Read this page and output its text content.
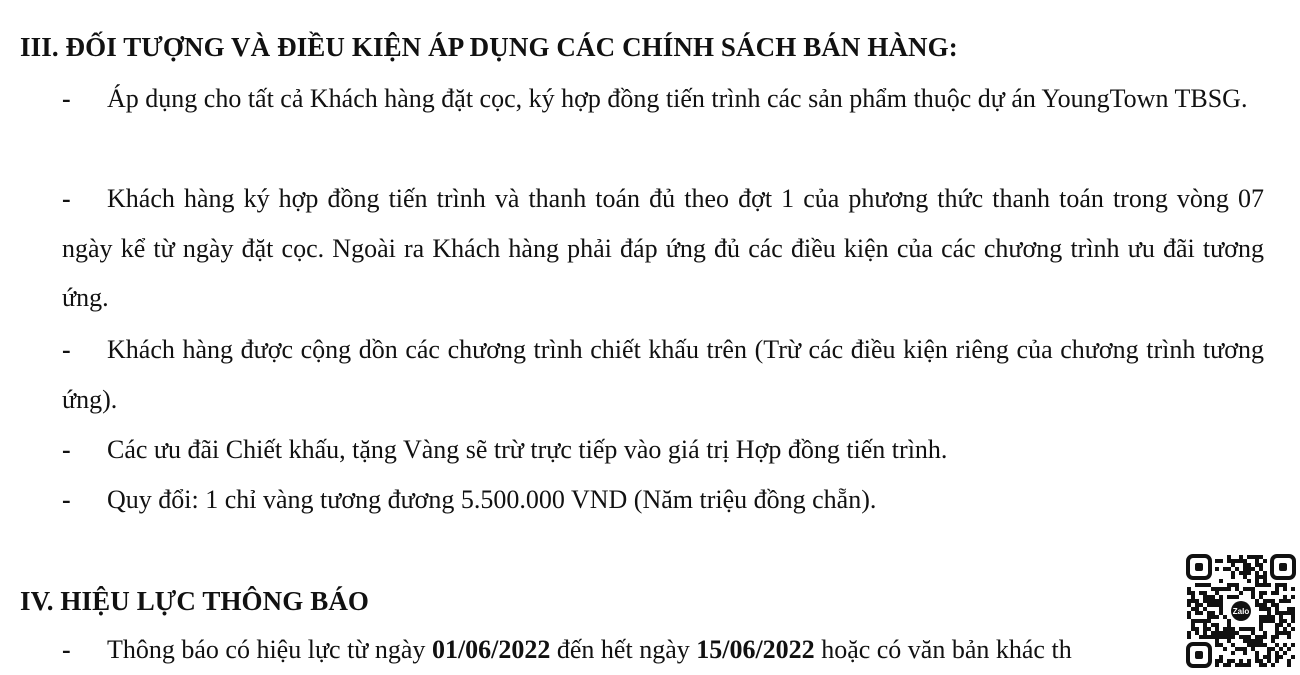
III. ĐỐI TƯỢNG VÀ ĐIỀU KIỆN ÁP DỤNG CÁC CHÍNH SÁCH BÁN HÀNG:
-	Áp dụng cho tất cả Khách hàng đặt cọc, ký hợp đồng tiến trình các sản phẩm thuộc dự án YoungTown TBSG.
-	Khách hàng ký hợp đồng tiến trình và thanh toán đủ theo đợt 1 của phương thức thanh toán trong vòng 07 ngày kể từ ngày đặt cọc. Ngoài ra Khách hàng phải đáp ứng đủ các điều kiện của các chương trình ưu đãi tương ứng.
-	Khách hàng được cộng dồn các chương trình chiết khấu trên (Trừ các điều kiện riêng của chương trình tương ứng).
-	Các ưu đãi Chiết khấu, tặng Vàng sẽ trừ trực tiếp vào giá trị Hợp đồng tiến trình.
-	Quy đổi: 1 chỉ vàng tương đương 5.500.000 VND (Năm triệu đồng chẵn).
IV. HIỆU LỰC THÔNG BÁO
-	Thông báo có hiệu lực từ ngày 01/06/2022 đến hết ngày 15/06/2022 hoặc có văn bản khác th
Zalo
